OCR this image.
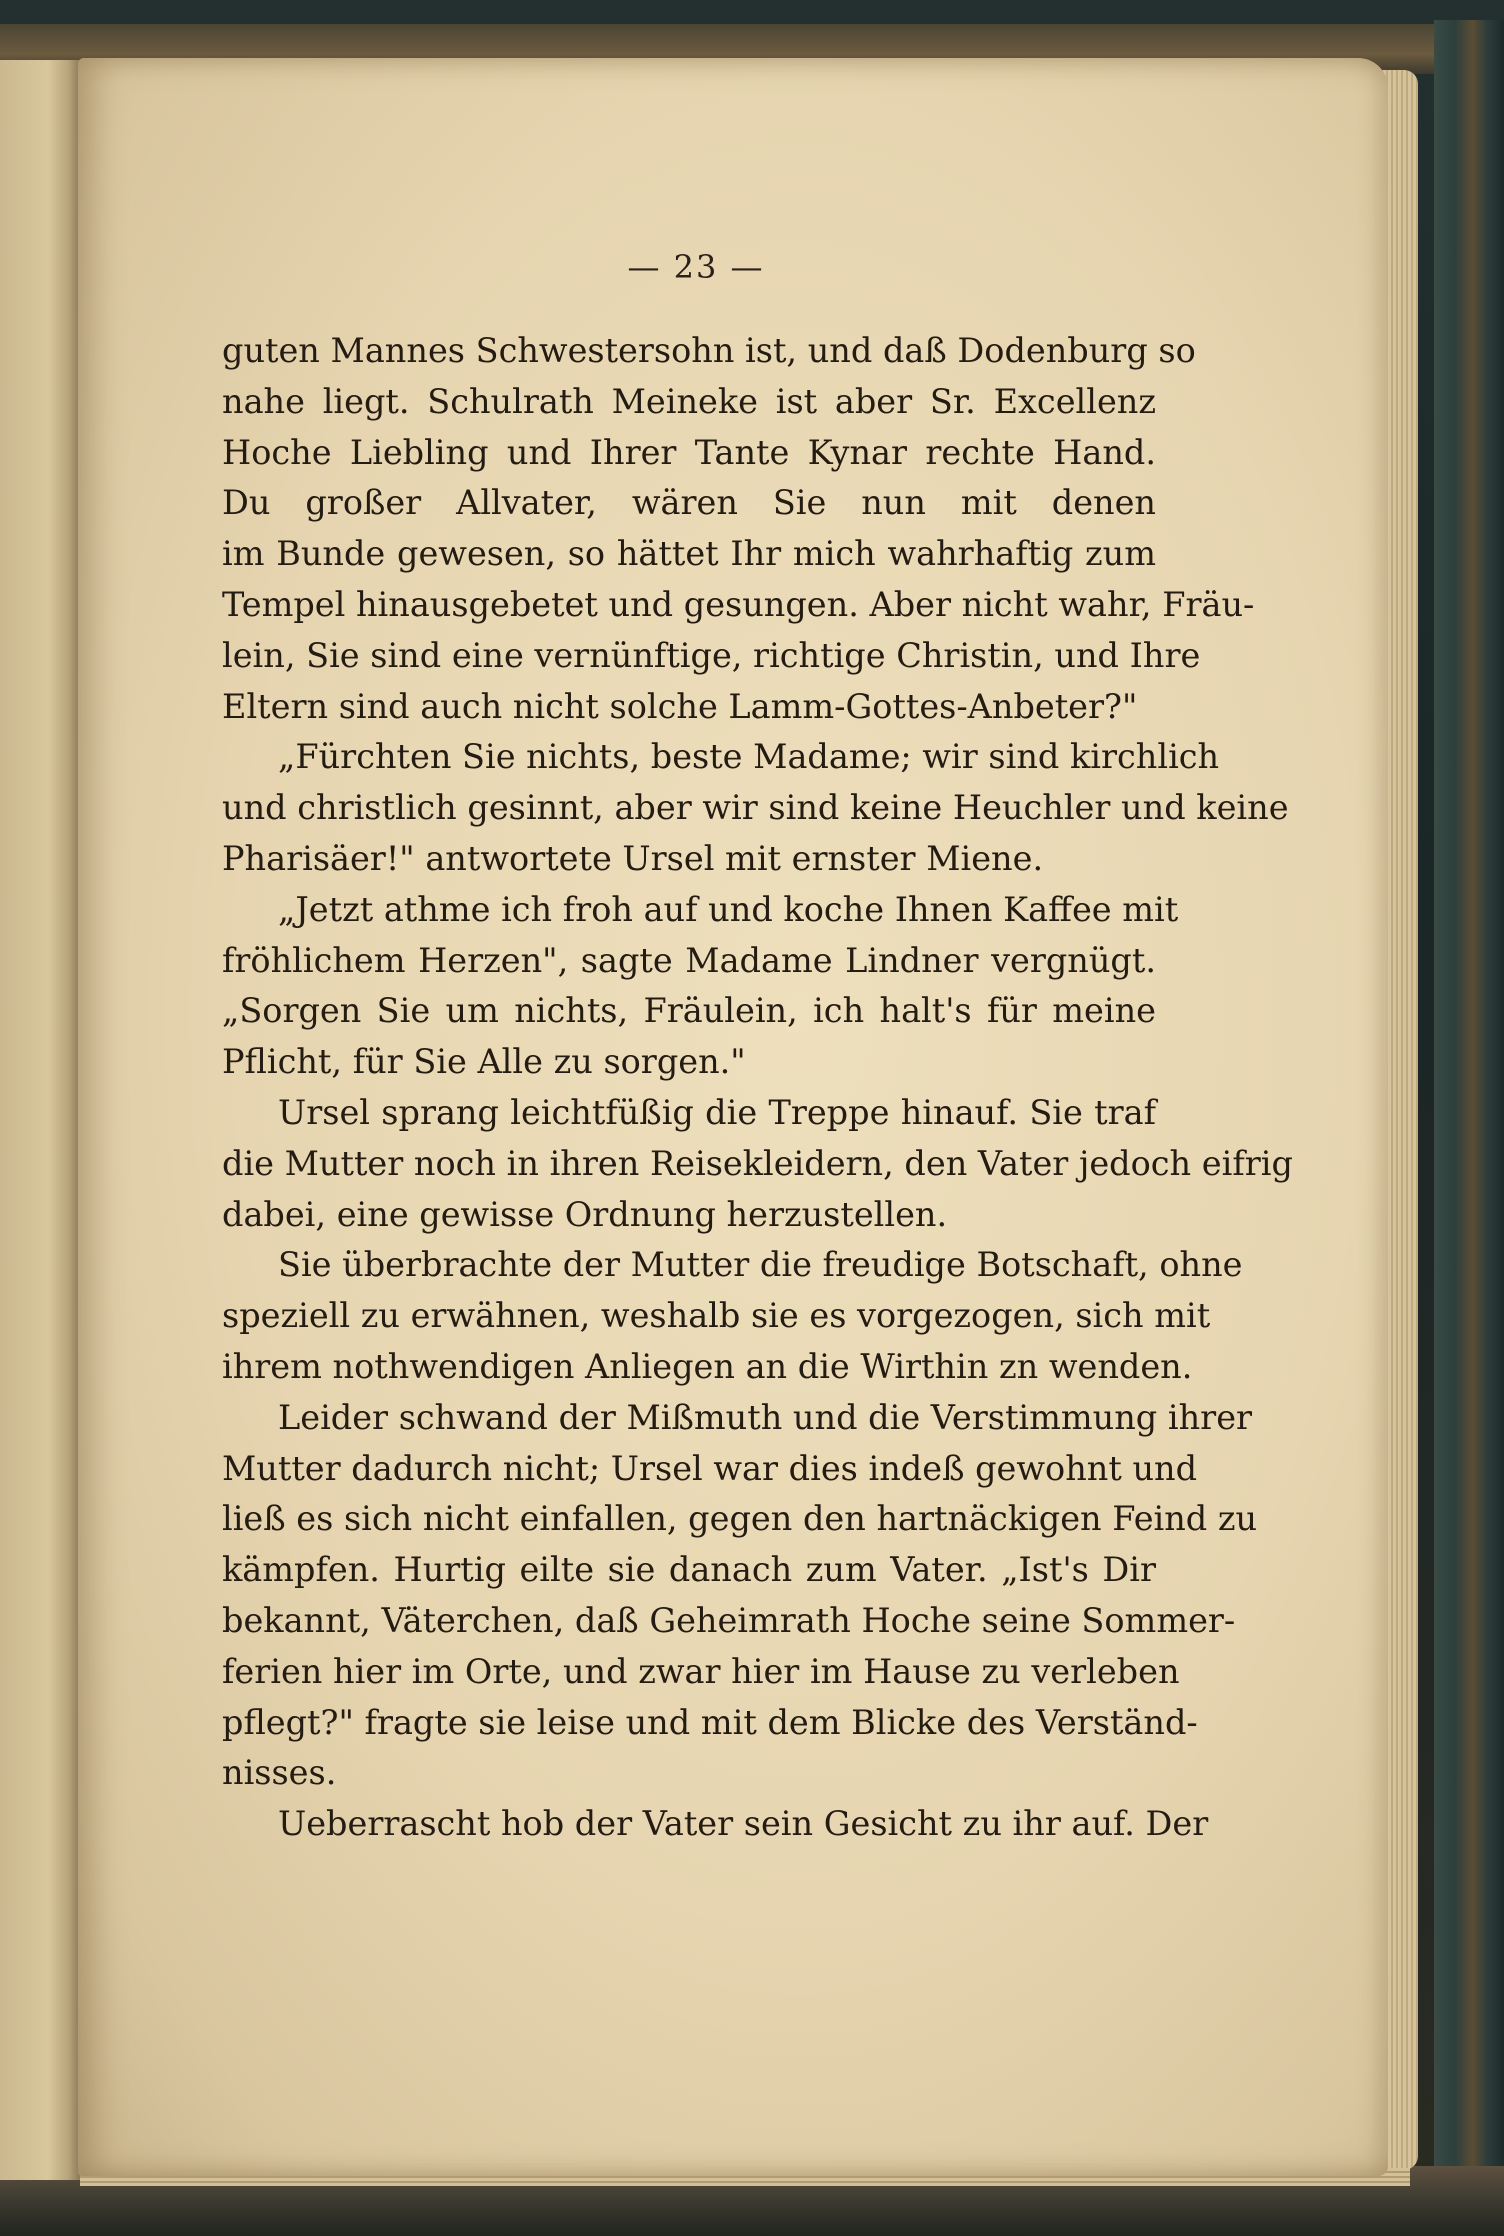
— 23 —
guten Mannes Schwestersohn ist, und daß Dodenburg so
nahe liegt. Schulrath Meineke ist aber Sr. Excellenz
Hoche Liebling und Ihrer Tante Kynar rechte Hand.
Du großer Allvater, wären Sie nun mit denen
im Bunde gewesen, so hättet Ihr mich wahrhaftig zum
Tempel hinausgebetet und gesungen. Aber nicht wahr, Fräu-
lein, Sie sind eine vernünftige, richtige Christin, und Ihre
Eltern sind auch nicht solche Lamm-Gottes-Anbeter?"
„Fürchten Sie nichts, beste Madame; wir sind kirchlich
und christlich gesinnt, aber wir sind keine Heuchler und keine
Pharisäer!" antwortete Ursel mit ernster Miene.
„Jetzt athme ich froh auf und koche Ihnen Kaffee mit
fröhlichem Herzen", sagte Madame Lindner vergnügt.
„Sorgen Sie um nichts, Fräulein, ich halt's für meine
Pflicht, für Sie Alle zu sorgen."
Ursel sprang leichtfüßig die Treppe hinauf. Sie traf
die Mutter noch in ihren Reisekleidern, den Vater jedoch eifrig
dabei, eine gewisse Ordnung herzustellen.
Sie überbrachte der Mutter die freudige Botschaft, ohne
speziell zu erwähnen, weshalb sie es vorgezogen, sich mit
ihrem nothwendigen Anliegen an die Wirthin zn wenden.
Leider schwand der Mißmuth und die Verstimmung ihrer
Mutter dadurch nicht; Ursel war dies indeß gewohnt und
ließ es sich nicht einfallen, gegen den hartnäckigen Feind zu
kämpfen. Hurtig eilte sie danach zum Vater. „Ist's Dir
bekannt, Väterchen, daß Geheimrath Hoche seine Sommer-
ferien hier im Orte, und zwar hier im Hause zu verleben
pflegt?" fragte sie leise und mit dem Blicke des Verständ-
nisses.
Ueberrascht hob der Vater sein Gesicht zu ihr auf. Der
